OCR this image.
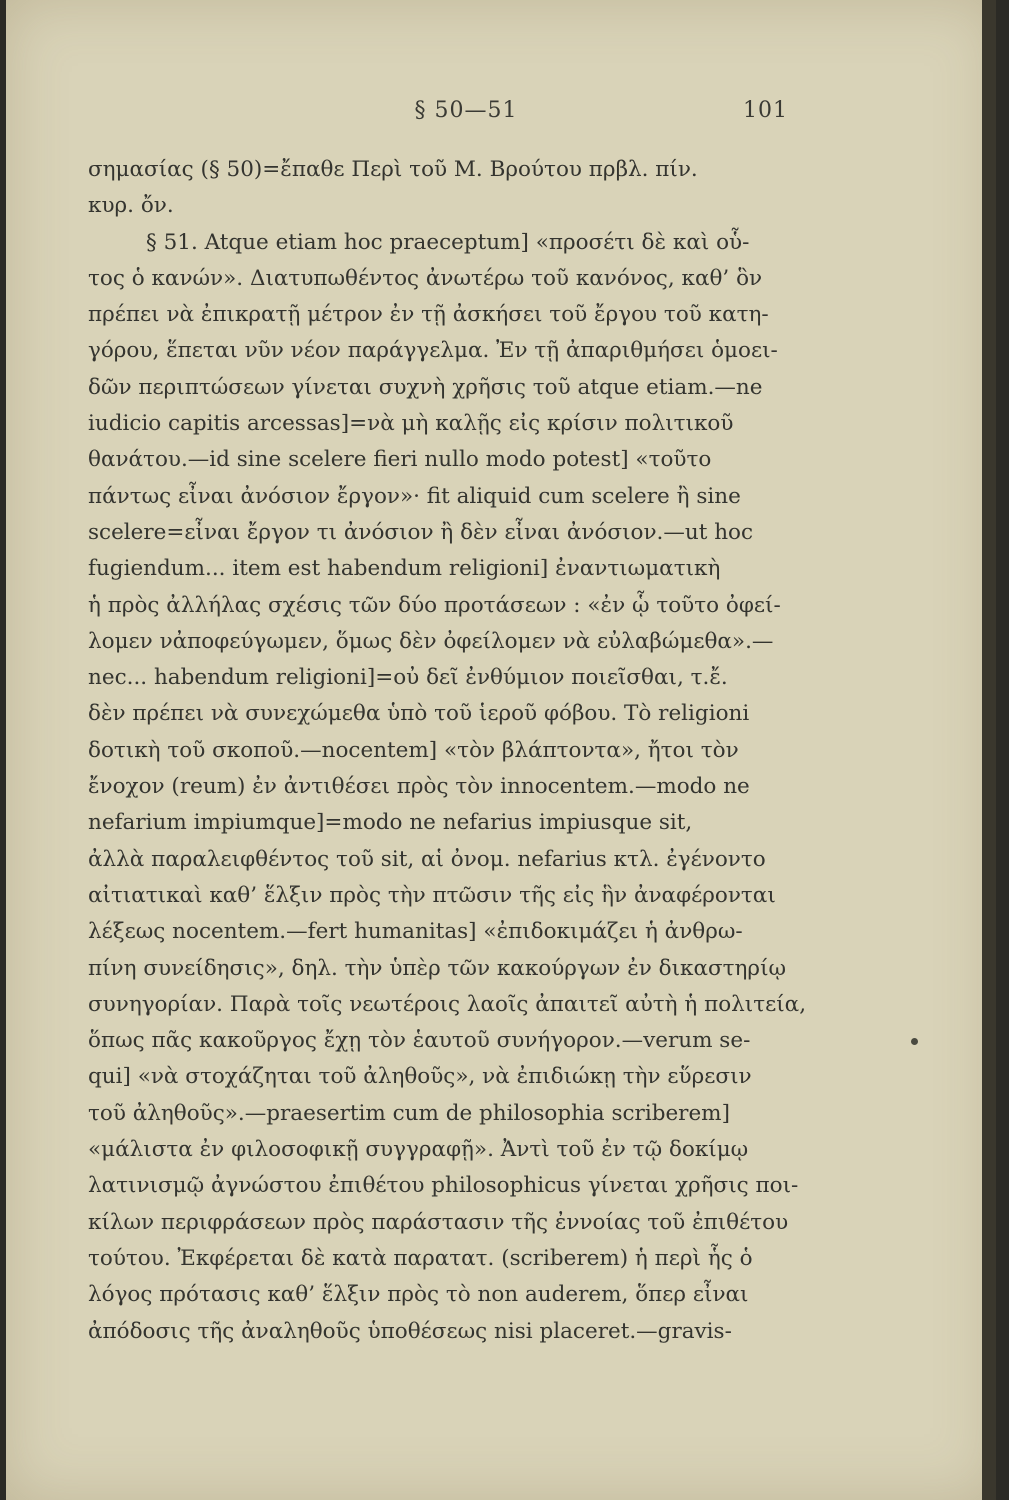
§ 50—51	101
σημασίας (§ 50)=ἔπαθε Περὶ τοῦ Μ. Βρούτου πρβλ. πίν.
κυρ. ὄν.
§ 51. Atque etiam hoc praeceptum] «προσέτι δὲ καὶ οὗ-
τος ὁ κανών». Διατυπωθέντος ἀνωτέρω τοῦ κανόνος, καθ’ ὃν
πρέπει νὰ ἐπικρατῇ μέτρον ἐν τῇ ἀσκήσει τοῦ ἔργου τοῦ κατη-
γόρου, ἕπεται νῦν νέον παράγγελμα. Ἐν τῇ ἀπαριθμήσει ὁμοει-
δῶν περιπτώσεων γίνεται συχνὴ χρῆσις τοῦ atque etiam.—ne
iudicio capitis arcessas]=νὰ μὴ καλῇς εἰς κρίσιν πολιτικοῦ
θανάτου.—id sine scelere fieri nullo modo potest] «τοῦτο
πάντως εἶναι ἀνόσιον ἔργον»· fit aliquid cum scelere ἢ sine
scelere=εἶναι ἔργον τι ἀνόσιον ἢ δὲν εἶναι ἀνόσιον.—ut hoc
fugiendum... item est habendum religioni] ἐναντιωματικὴ
ἡ πρὸς ἀλλήλας σχέσις τῶν δύο προτάσεων : «ἐν ᾧ τοῦτο ὀφεί-
λομεν νἀποφεύγωμεν, ὅμως δὲν ὀφείλομεν νὰ εὐλαβώμεθα».—
nec... habendum religioni]=οὐ δεῖ ἐνθύμιον ποιεῖσθαι, τ.ἔ.
δὲν πρέπει νὰ συνεχώμεθα ὑπὸ τοῦ ἱεροῦ φόβου. Τὸ religioni
δοτικὴ τοῦ σκοποῦ.—nocentem] «τὸν βλάπτοντα», ἤτοι τὸν
ἔνοχον (reum) ἐν ἀντιθέσει πρὸς τὸν innocentem.—modo ne
nefarium impiumque]=modo ne nefarius impiusque sit,
ἀλλὰ παραλειφθέντος τοῦ sit, αἱ ὀνομ. nefarius κτλ. ἐγένοντο
αἰτιατικαὶ καθ’ ἕλξιν πρὸς τὴν πτῶσιν τῆς εἰς ἣν ἀναφέρονται
λέξεως nocentem.—fert humanitas] «ἐπιδοκιμάζει ἡ ἀνθρω-
πίνη συνείδησις», δηλ. τὴν ὑπὲρ τῶν κακούργων ἐν δικαστηρίῳ
συνηγορίαν. Παρὰ τοῖς νεωτέροις λαοῖς ἀπαιτεῖ αὐτὴ ἡ πολιτεία,
ὅπως πᾶς κακοῦργος ἔχῃ τὸν ἑαυτοῦ συνήγορον.—verum se-
qui] «νὰ στοχάζηται τοῦ ἀληθοῦς», νὰ ἐπιδιώκῃ τὴν εὕρεσιν
τοῦ ἀληθοῦς».—praesertim cum de philosophia scriberem]
«μάλιστα ἐν φιλοσοφικῇ συγγραφῇ». Ἀντὶ τοῦ ἐν τῷ δοκίμῳ
λατινισμῷ ἀγνώστου ἐπιθέτου philosophicus γίνεται χρῆσις ποι-
κίλων περιφράσεων πρὸς παράστασιν τῆς ἐννοίας τοῦ ἐπιθέτου
τούτου. Ἐκφέρεται δὲ κατὰ παρατατ. (scriberem) ἡ περὶ ἧς ὁ
λόγος πρότασις καθ’ ἕλξιν πρὸς τὸ non auderem, ὅπερ εἶναι
ἀπόδοσις τῆς ἀναληθοῦς ὑποθέσεως nisi placeret.—gravis-
